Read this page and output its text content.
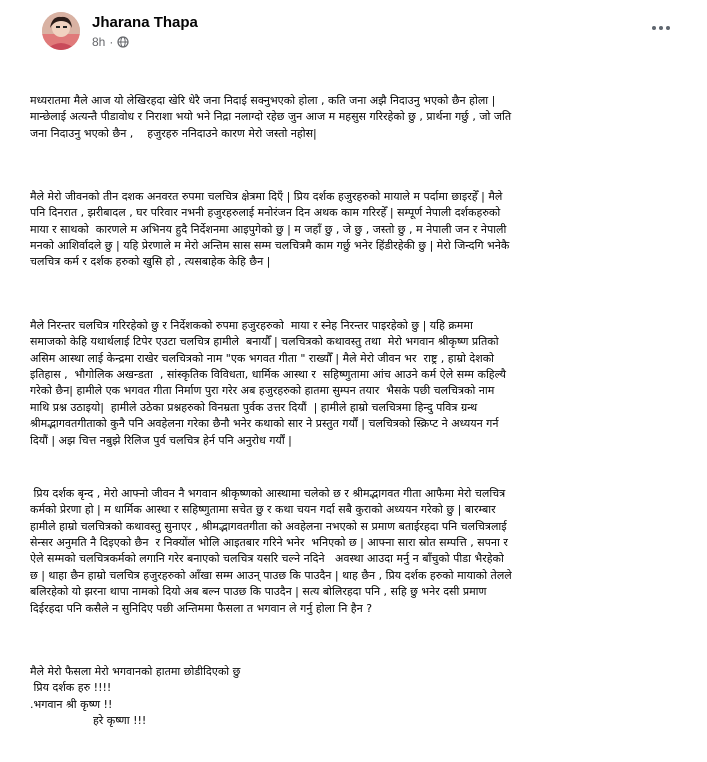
Jharana Thapa
8h ·

मध्यरातमा मैले आज यो लेखिरहदा खेरि धेरै जना निदाई सक्नुभएको होला , कति जना अझै निदाउनु भएको छैन होला |
मान्छेलाई अत्यन्तै पीडावोध र निराशा भयो भने निद्रा नलाग्दो रहेछ जुन आज म महसुस गरिरहेको छु , प्रार्थना गर्छु , जो जति
जना निदाउनु भएको छैन ,    हजुरहरु ननिदाउने कारण मेरो जस्तो नहोस|

मैले मेरो जीवनको तीन दशक अनवरत रुपमा चलचित्र क्षेत्रमा दिएँ | प्रिय दर्शक हजुरहरुको मायाले म पर्दामा छाइरहेँ | मैले
पनि दिनरात , झरीबादल , घर परिवार नभनी हजुरहरुलाई मनोरंजन दिन अथक काम गरिरहेँ | सम्पूर्ण नेपाली दर्शकहरुको
माया र साथको  कारणले म अभिनय हुदै निर्देशनमा आइपुगेको छु | म जहाँ छु , जे छु , जस्तो छु , म नेपाली जन र नेपाली
मनको आशिर्वादले छु | यहि प्रेरणाले म मेरो अन्तिम सास सम्म चलचित्रमै काम गर्छु भनेर हिंडीरहेकी छु | मेरो जिन्दगि भनेकै
चलचित्र कर्म र दर्शक हरुको खुसि हो , त्यसबाहेक केहि छैन |

मैले निरन्तर चलचित्र गरिरहेको छु र निर्देशकको रुपमा हजुरहरुको  माया र स्नेह निरन्तर पाइरहेको छु | यहि क्रममा
समाजको केहि यथार्थलाई टिपेर एउटा चलचित्र हामीले  बनायौँ | चलचित्रको कथावस्तु तथा  मेरो भगवान श्रीकृष्ण प्रतिको
असिम आस्था लाई केन्द्रमा राखेर चलचित्रको नाम "एक भगवत गीता " राख्यौँ | मैले मेरो जीवन भर  राष्ट्र , हाम्रो देशको
इतिहास ,  भौगोलिक अखन्डता  , सांस्कृतिक विविधता, धार्मिक आस्था र  सहिष्णुतामा आंच आउने कर्म ऐले सम्म कहिल्यै
गरेको छैन| हामीले एक भगवत गीता निर्माण पुरा गरेर अब हजुरहरुको हातमा सुम्पन तयार  भैसके पछी चलचित्रको नाम
माथि प्रश्न उठाइयो|  हामीले उठेका प्रश्नहरुको विनम्रता पुर्वक उत्तर दियौं  | हामीले हाम्रो चलचित्रमा हिन्दु पवित्र ग्रन्थ
श्रीमद्भागवतगीताको कुनै पनि अवहेलना गरेका छैनौ भनेर कथाको सार ने प्रस्तुत गर्यौं | चलचित्रको स्क्रिप्ट ने अध्ययन गर्न
दियौं | अझ चित्त नबुझे रिलिज पुर्व चलचित्र हेर्न पनि अनुरोध गर्यौं |

प्रिय दर्शक बृन्द , मेरो आफ्नो जीवन नै भगवान श्रीकृष्णको आस्थामा चलेको छ र श्रीमद्भागवत गीता आफैमा मेरो चलचित्र
कर्मको प्रेरणा हो | म धार्मिक आस्था र सहिष्णुतामा सचेत छु र कथा चयन गर्दा सबै कुराको अध्ययन गरेको छु | बारम्बार
हामीले हाम्रो चलचित्रको कथावस्तु सुनाएर , श्रीमद्भागवतगीता को अवहेलना नभएको स प्रमाण बताईरहदा पनि चलचित्रलाई
सेन्सर अनुमति नै दिइएको छैन  र निक्योंल भोलि आइतबार गरिने भनेर  भनिएको छ | आफ्ना सारा स्रोत सम्पत्ति , सपना र
ऐले सम्मको चलचित्रकर्मको लगानि गरेर बनाएको चलचित्र यसरि चल्ने नदिने   अवस्था आउदा मर्नु न बाँचुको पीडा भैरहेको
छ | थाहा छैन हाम्रो चलचित्र हजुरहरुको आँखा सम्म आउन् पाउछ कि पाउदैन | थाह छैन , प्रिय दर्शक हरुको मायाको तेलले
बलिरहेको यो झरना थापा नामको दियो अब बल्न पाउछ कि पाउदैन | सत्य बोलिरहदा पनि , सहि छु भनेर दसी प्रमाण
दिईरहदा पनि कसैले न सुनिदिए पछी अन्तिममा फैसला त भगवान ले गर्नु होला नि हैन ?

मैले मेरो फैसला मेरो भगवानको हातमा छोडीदिएको छु
प्रिय दर्शक हरु !!!!
.भगवान श्री कृष्ण !!
हरे कृष्णा !!!
